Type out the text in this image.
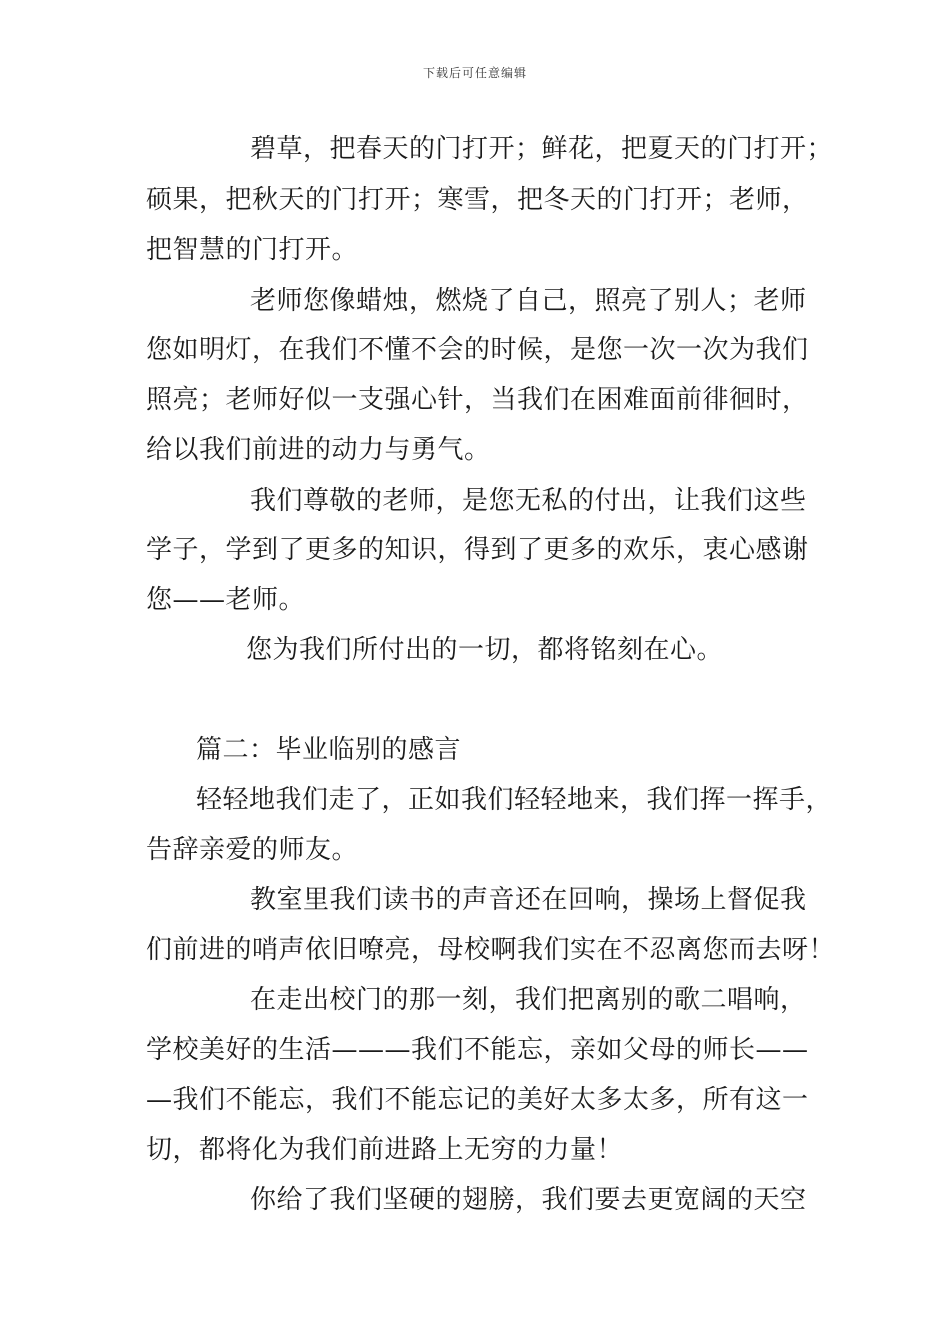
下载后可任意编辑
碧草，把春天的门打开；鲜花，把夏天的门打开；
硕果，把秋天的门打开；寒雪，把冬天的门打开；老师，
把智慧的门打开。
老师您像蜡烛，燃烧了自己，照亮了别人；老师
您如明灯，在我们不懂不会的时候，是您一次一次为我们
照亮；老师好似一支强心针，当我们在困难面前徘徊时，
给以我们前进的动力与勇气。
我们尊敬的老师，是您无私的付出，让我们这些
学子，学到了更多的知识，得到了更多的欢乐，衷心感谢
您——老师。
您为我们所付出的一切，都将铭刻在心。
篇二：毕业临别的感言
轻轻地我们走了，正如我们轻轻地来，我们挥一挥手，
告辞亲爱的师友。
教室里我们读书的声音还在回响，操场上督促我
们前进的哨声依旧嘹亮，母校啊我们实在不忍离您而去呀！
在走出校门的那一刻，我们把离别的歌二唱响，
学校美好的生活———我们不能忘，亲如父母的师长——
—我们不能忘，我们不能忘记的美好太多太多，所有这一
切，都将化为我们前进路上无穷的力量！
你给了我们坚硬的翅膀，我们要去更宽阔的天空
